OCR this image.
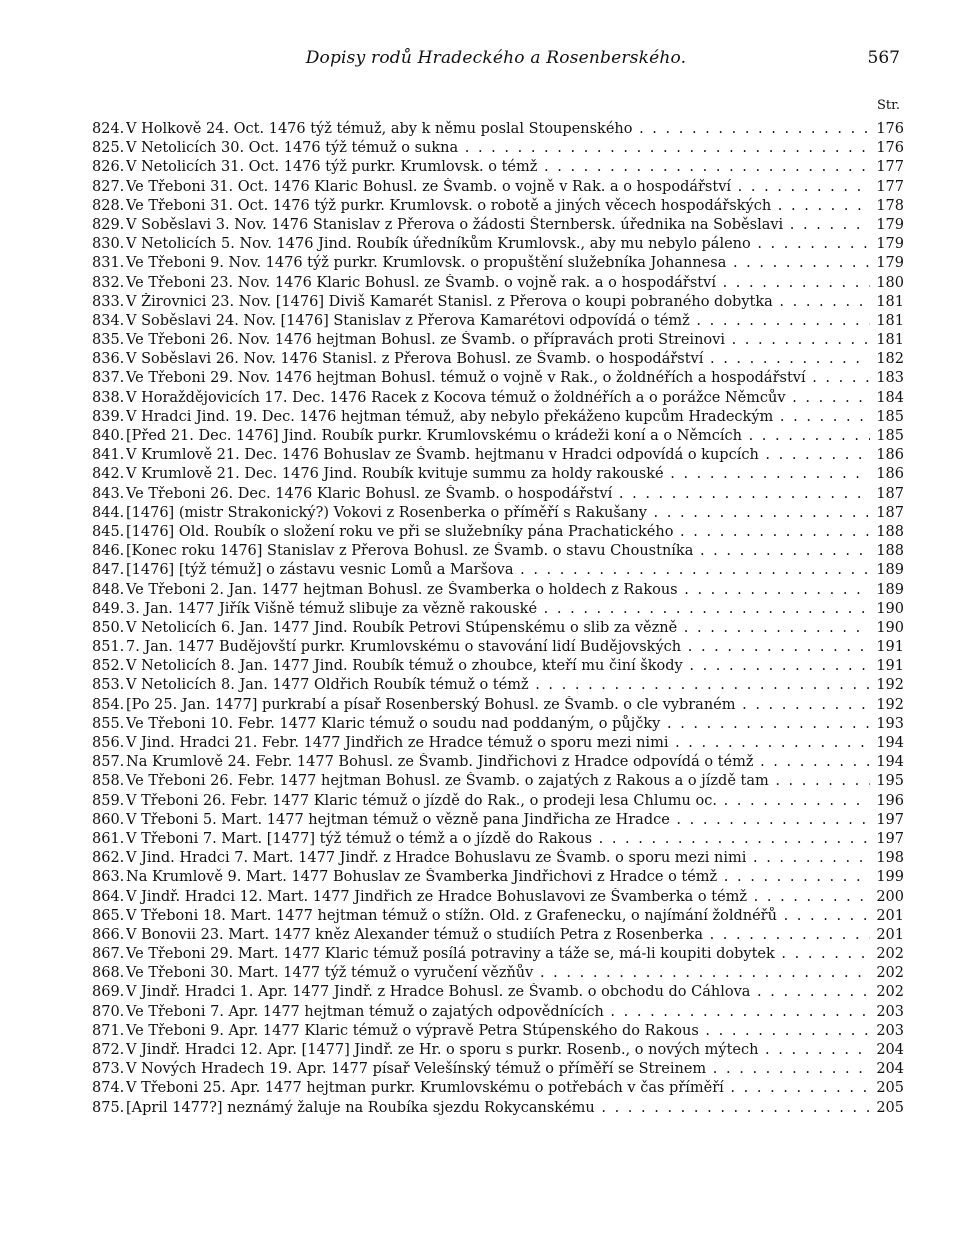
Dopisy rodů Hradeckého a Rosenberského.	567
Str.
824. V Holkově 24. Oct. 1476 týž témuž, aby k němu poslal Stoupenského . . .	176
825. V Netolicích 30. Oct. 1476 týž témuž o sukna . . .	176
826. V Netolicích 31. Oct. 1476 týž purkr. Krumlovsk. o témž . . .	177
827. Ve Třeboni 31. Oct. 1476 Klaric Bohusl. ze Švamb. o vojně v Rak. a o hospodářství . . .	177
828. Ve Třeboni 31. Oct. 1476 týž purkr. Krumlovsk. o robotě a jiných věcech hospodářských . . .	178
829. V Soběslavi 3. Nov. 1476 Stanislav z Přerova o žádosti Šternbersk. úřednika na Soběslavi . . .	179
830. V Netolicích 5. Nov. 1476 Jind. Roubík úředníkům Krumlovsk., aby mu nebylo páleno . . .	179
831. Ve Třeboni 9. Nov. 1476 týž purkr. Krumlovsk. o propuštění služebníka Johannesa . . .	179
832. Ve Třeboni 23. Nov. 1476 Klaric Bohusl. ze Švamb. o vojně rak. a o hospodářství . . .	180
833. V Žirovnici 23. Nov. [1476] Diviš Kamarét Stanisl. z Přerova o koupi pobraného dobytka . . .	181
834. V Soběslavi 24. Nov. [1476] Stanislav z Přerova Kamarétovi odpovídá o témž . . .	181
835. Ve Třeboni 26. Nov. 1476 hejtman Bohusl. ze Švamb. o přípravách proti Streinovi . . .	181
836. V Soběslavi 26. Nov. 1476 Stanisl. z Přerova Bohusl. ze Švamb. o hospodářství . . .	182
837. Ve Třeboni 29. Nov. 1476 hejtman Bohusl. témuž o vojně v Rak., o žoldnéřích a hospodářství . . .	183
838. V Horaždějovicích 17. Dec. 1476 Racek z Kocova témuž o žoldnéřích a o porážce Němcův . . .	184
839. V Hradci Jind. 19. Dec. 1476 hejtman témuž, aby nebylo překáženo kupcům Hradeckým . . .	185
840. [Před 21. Dec. 1476] Jind. Roubík purkr. Krumlovskému o krádeži koní a o Němcích . . .	185
841. V Krumlově 21. Dec. 1476 Bohuslav ze Švamb. hejtmanu v Hradci odpovídá o kupcích . . .	186
842. V Krumlově 21. Dec. 1476 Jind. Roubík kvituje summu za holdy rakouské . . .	186
843. Ve Třeboni 26. Dec. 1476 Klaric Bohusl. ze Švamb. o hospodářství . . .	187
844. [1476] (mistr Strakonický?) Vokovi z Rosenberka o příměří s Rakušany . . .	187
845. [1476] Old. Roubík o složení roku ve při se služebníky pána Prachatického . . .	188
846. [Konec roku 1476] Stanislav z Přerova Bohusl. ze Švamb. o stavu Choustníka . . .	188
847. [1476] [týž témuž] o zástavu vesnic Lomů a Maršova . . .	189
848. Ve Třeboni 2. Jan. 1477 hejtman Bohusl. ze Švamberka o holdech z Rakous . . .	189
849. 3. Jan. 1477 Jiřík Višně témuž slibuje za vězně rakouské . . .	190
850. V Netolicích 6. Jan. 1477 Jind. Roubík Petrovi Stúpenskému o slib za vězně . . .	190
851. 7. Jan. 1477 Budějovští purkr. Krumlovskému o stavování lidí Budějovských . . .	191
852. V Netolicích 8. Jan. 1477 Jind. Roubík témuž o zhoubce, kteří mu činí škody . . .	191
853. V Netolicích 8. Jan. 1477 Oldřich Roubík témuž o témž . . .	192
854. [Po 25. Jan. 1477] purkrabí a písař Rosenberský Bohusl. ze Švamb. o cle vybraném . . .	192
855. Ve Třeboni 10. Febr. 1477 Klaric témuž o soudu nad poddaným, o půjčky . . .	193
856. V Jind. Hradci 21. Febr. 1477 Jindřich ze Hradce témuž o sporu mezi nimi . . .	194
857. Na Krumlově 24. Febr. 1477 Bohusl. ze Švamb. Jindřichovi z Hradce odpovídá o témž . . .	194
858. Ve Třeboni 26. Febr. 1477 hejtman Bohusl. ze Švamb. o zajatých z Rakous a o jízdě tam . . .	195
859. V Třeboni 26. Febr. 1477 Klaric témuž o jízdě do Rak., o prodeji lesa Chlumu oc. . . .	196
860. V Třeboni 5. Mart. 1477 hejtman témuž o vězně pana Jindřicha ze Hradce . . .	197
861. V Třeboni 7. Mart. [1477] týž témuž o témž a o jízdě do Rakous . . .	197
862. V Jind. Hradci 7. Mart. 1477 Jindř. z Hradce Bohuslavu ze Švamb. o sporu mezi nimi . . .	198
863. Na Krumlově 9. Mart. 1477 Bohuslav ze Švamberka Jindřichovi z Hradce o témž . . .	199
864. V Jindř. Hradci 12. Mart. 1477 Jindřich ze Hradce Bohuslavovi ze Švamberka o témž . . .	200
865. V Třeboni 18. Mart. 1477 hejtman témuž o stížn. Old. z Grafenecku, o najímání žoldnéřů . . .	201
866. V Bonovii 23. Mart. 1477 kněz Alexander témuž o studiích Petra z Rosenberka . . .	201
867. Ve Třeboni 29. Mart. 1477 Klaric témuž posílá potraviny a táže se, má-li koupiti dobytek . . .	202
868. Ve Třeboni 30. Mart. 1477 týž témuž o vyručení vězňův . . .	202
869. V Jindř. Hradci 1. Apr. 1477 Jindř. z Hradce Bohusl. ze Švamb. o obchodu do Cáhlova . . .	202
870. Ve Třeboni 7. Apr. 1477 hejtman témuž o zajatých odpovědnících . . .	203
871. Ve Třeboni 9. Apr. 1477 Klaric témuž o výpravě Petra Stúpenského do Rakous . . .	203
872. V Jindř. Hradci 12. Apr. [1477] Jindř. ze Hr. o sporu s purkr. Rosenb., o nových mýtech . . .	204
873. V Nových Hradech 19. Apr. 1477 písař Velešínský témuž o příměří se Streinem . . .	204
874. V Třeboni 25. Apr. 1477 hejtman purkr. Krumlovskému o potřebách v čas příměří . . .	205
875. [April 1477?] neznámý žaluje na Roubíka sjezdu Rokycanskému . . .	205
